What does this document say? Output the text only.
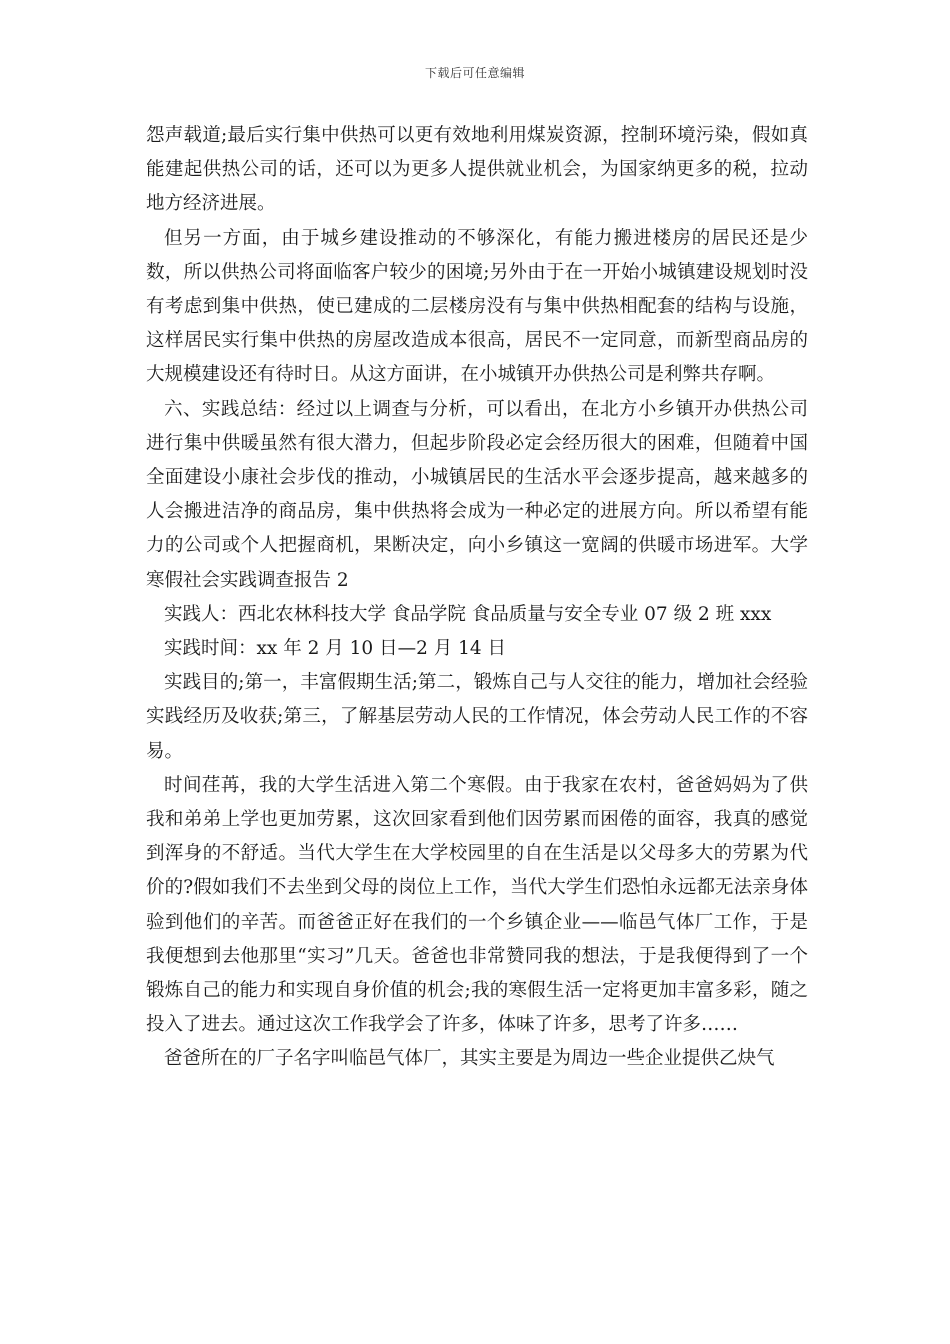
下载后可任意编辑

怨声载道;最后实行集中供热可以更有效地利用煤炭资源，控制环境污染，假如真能建起供热公司的话，还可以为更多人提供就业机会，为国家纳更多的税，拉动地方经济进展。

但另一方面，由于城乡建设推动的不够深化，有能力搬进楼房的居民还是少数，所以供热公司将面临客户较少的困境;另外由于在一开始小城镇建设规划时没有考虑到集中供热，使已建成的二层楼房没有与集中供热相配套的结构与设施，这样居民实行集中供热的房屋改造成本很高，居民不一定同意，而新型商品房的大规模建设还有待时日。从这方面讲，在小城镇开办供热公司是利弊共存啊。

六、实践总结：经过以上调查与分析，可以看出，在北方小乡镇开办供热公司进行集中供暖虽然有很大潜力，但起步阶段必定会经历很大的困难，但随着中国全面建设小康社会步伐的推动，小城镇居民的生活水平会逐步提高，越来越多的人会搬进洁净的商品房，集中供热将会成为一种必定的进展方向。所以希望有能力的公司或个人把握商机，果断决定，向小乡镇这一宽阔的供暖市场进军。大学寒假社会实践调查报告 2

实践人：西北农林科技大学 食品学院 食品质量与安全专业 07 级 2 班 xxx

实践时间：xx 年 2 月 10 日—2 月 14 日

实践目的;第一，丰富假期生活;第二，锻炼自己与人交往的能力，增加社会经验实践经历及收获;第三，了解基层劳动人民的工作情况，体会劳动人民工作的不容易。

时间荏苒，我的大学生活进入第二个寒假。由于我家在农村，爸爸妈妈为了供我和弟弟上学也更加劳累，这次回家看到他们因劳累而困倦的面容，我真的感觉到浑身的不舒适。当代大学生在大学校园里的自在生活是以父母多大的劳累为代价的?假如我们不去坐到父母的岗位上工作，当代大学生们恐怕永远都无法亲身体验到他们的辛苦。而爸爸正好在我们的一个乡镇企业——临邑气体厂工作，于是我便想到去他那里“实习”几天。爸爸也非常赞同我的想法，于是我便得到了一个锻炼自己的能力和实现自身价值的机会;我的寒假生活一定将更加丰富多彩，随之投入了进去。通过这次工作我学会了许多，体味了许多，思考了许多……

爸爸所在的厂子名字叫临邑气体厂，其实主要是为周边一些企业提供乙炔气
